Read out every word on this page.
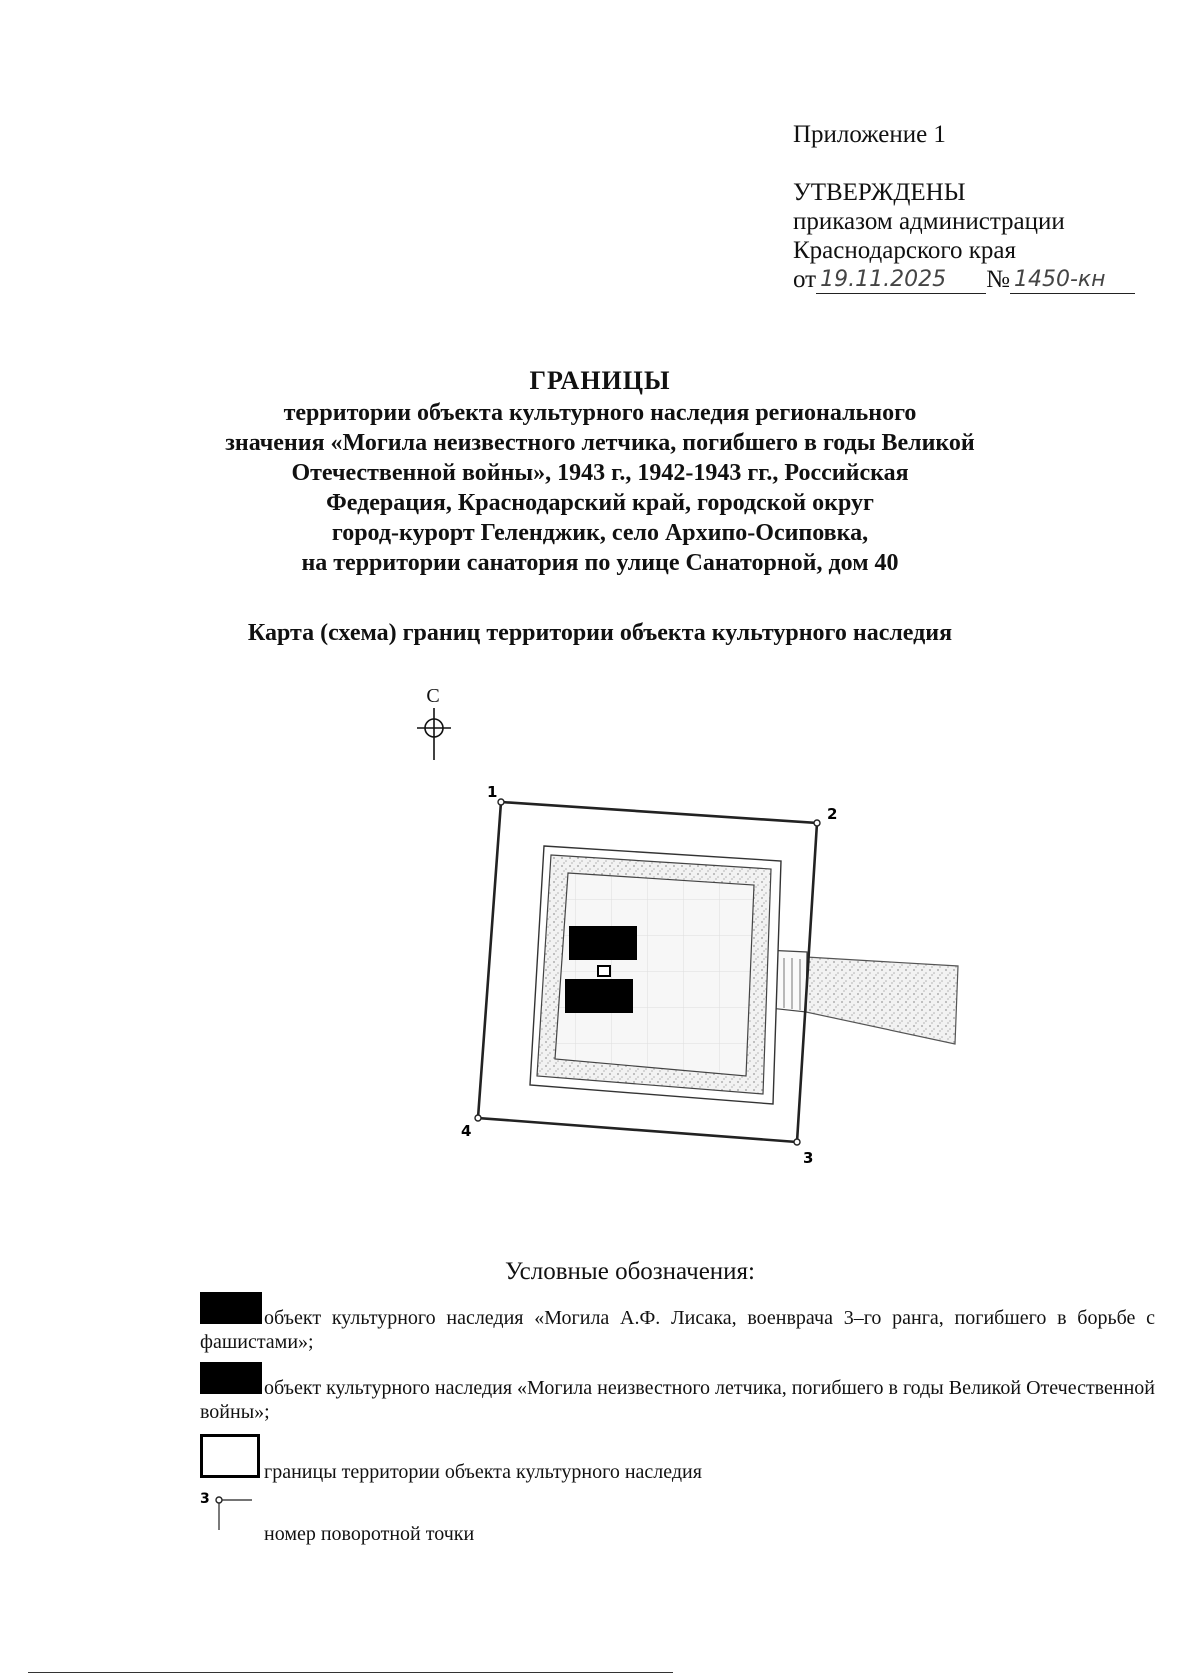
Приложение 1
УТВЕРЖДЕНЫ
приказом администрации
Краснодарского края
от 19.11.2025	№ 1450-кн
ГРАНИЦЫ
территории объекта культурного наследия регионального
значения «Могила неизвестного летчика, погибшего в годы Великой
Отечественной войны», 1943 г., 1942-1943 гг., Российская
Федерация, Краснодарский край, городской округ
город-курорт Геленджик, село Архипо-Осиповка,
на территории санатория по улице Санаторной, дом 40
Карта (схема) границ территории объекта культурного наследия
С
1
2
3
4
Условные обозначения:
объект культурного наследия «Могила А.Ф. Лисака, военврача 3–го ранга, погибшего в борьбе с фашистами»;
объект культурного наследия «Могила неизвестного летчика, погибшего в годы Великой Отечественной войны»;
границы территории объекта культурного наследия
3
номер поворотной точки
